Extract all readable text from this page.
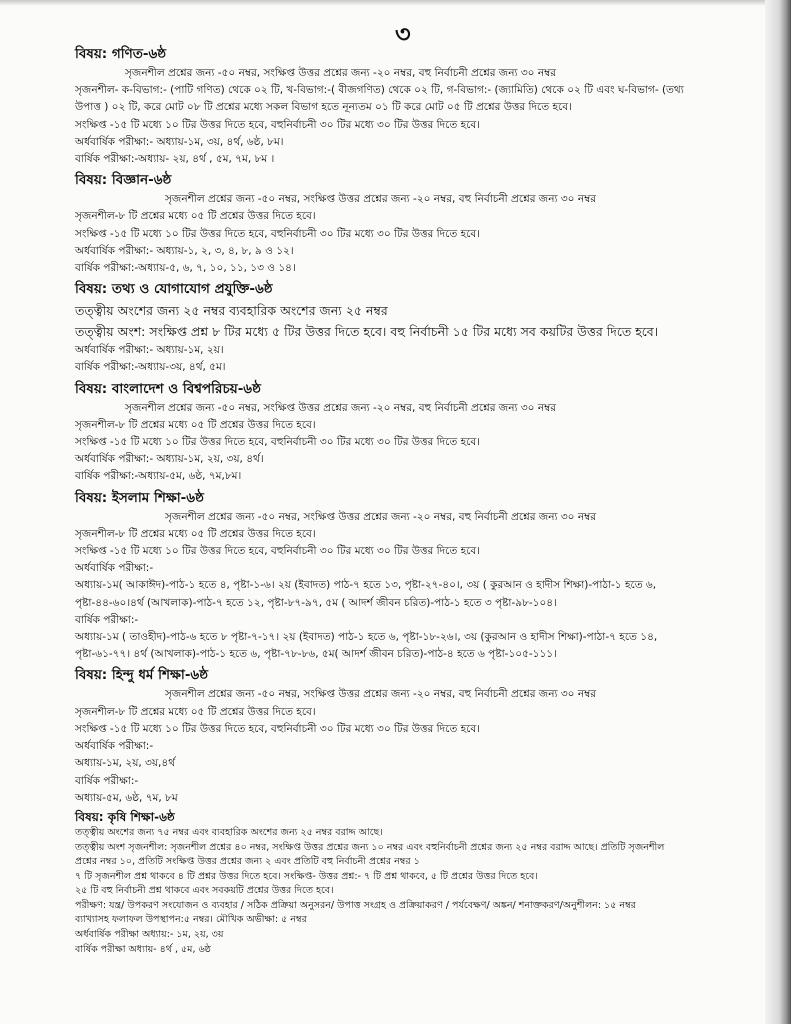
৩
বিষয়: গণিত-৬ষ্ঠ
সৃজনশীল প্রশ্নের জন্য -৫০ নম্বর, সংক্ষিপ্ত উত্তর প্রশ্নের জন্য -২০ নম্বর, বহু নির্বাচনী প্রশ্নের জন্য ৩০ নম্বর
সৃজনশীল- ক-বিভাগ:- (পাটি গণিত) থেকে ০২ টি, খ-বিভাগ:-( বীজগণিত) থেকে ০২ টি, গ-বিভাগ:- (জ্যামিতি) থেকে ০২ টি এবং ঘ-বিভাগ- (তথ্য
উপাত্ত ) ০২ টি, করে মোট ০৮ টি প্রশ্নের মধ্যে সকল বিভাগ হতে নূন্যতম ০১ টি করে মোট ০৫ টি প্রশ্নের উত্তর দিতে হবে।
সংক্ষিপ্ত -১৫ টি মধ্যে ১০ টির উত্তর দিতে হবে, বহুনির্বাচনী ৩০ টির মধ্যে ৩০ টির উত্তর দিতে হবে।
অর্ধবার্ষিক পরীক্ষা:- অধ্যায়-১ম, ৩য়, ৪র্থ, ৬ষ্ঠ, ৮ম।
বার্ষিক পরীক্ষা:-অধ্যায়- ২য়, ৪র্থ , ৫ম, ৭ম, ৮ম ।
বিষয়: বিজ্ঞান-৬ষ্ঠ
সৃজনশীল প্রশ্নের জন্য -৫০ নম্বর, সংক্ষিপ্ত উত্তর প্রশ্নের জন্য -২০ নম্বর, বহু নির্বাচনী প্রশ্নের জন্য ৩০ নম্বর
সৃজনশীল-৮ টি প্রশ্নের মধ্যে ০৫ টি প্রশ্নের উত্তর দিতে হবে।
সংক্ষিপ্ত -১৫ টি মধ্যে ১০ টির উত্তর দিতে হবে, বহুনির্বাচনী ৩০ টির মধ্যে ৩০ টির উত্তর দিতে হবে।
অর্ধবার্ষিক পরীক্ষা:- অধ্যায়-১, ২, ৩, ৪, ৮, ৯ ও ১২।
বার্ষিক পরীক্ষা:-অধ্যায়-৫, ৬, ৭, ১০, ১১, ১৩ ও ১৪।
বিষয়: তথ্য ও যোগাযোগ প্রযুক্তি-৬ষ্ঠ
তত্ত্বীয় অংশের জন্য ২৫ নম্বর ব্যবহারিক অংশের জন্য ২৫ নম্বর
তত্ত্বীয় অংশ: সংক্ষিপ্ত প্রশ্ন ৮ টির মধ্যে ৫ টির উত্তর দিতে হবে। বহু নির্বাচনী ১৫ টির মধ্যে সব কয়টির উত্তর দিতে হবে।
অর্ধবার্ষিক পরীক্ষা:- অধ্যায়-১ম, ২য়।
বার্ষিক পরীক্ষা:-অধ্যায়-৩য়, ৪র্থ, ৫ম।
বিষয়: বাংলাদেশ ও বিশ্বপরিচয়-৬ষ্ঠ
সৃজনশীল প্রশ্নের জন্য -৫০ নম্বর, সংক্ষিপ্ত উত্তর প্রশ্নের জন্য -২০ নম্বর, বহু নির্বাচনী প্রশ্নের জন্য ৩০ নম্বর
সৃজনশীল-৮ টি প্রশ্নের মধ্যে ০৫ টি প্রশ্নের উত্তর দিতে হবে।
সংক্ষিপ্ত -১৫ টি মধ্যে ১০ টির উত্তর দিতে হবে, বহুনির্বাচনী ৩০ টির মধ্যে ৩০ টির উত্তর দিতে হবে।
অর্ধবার্ষিক পরীক্ষা:- অধ্যায়-১ম, ২য়, ৩য়, ৪র্থ।
বার্ষিক পরীক্ষা:-অধ্যায়-৫ম, ৬ষ্ঠ, ৭ম,৮ম।
বিষয়: ইসলাম শিক্ষা-৬ষ্ঠ
সৃজনশীল প্রশ্নের জন্য -৫০ নম্বর, সংক্ষিপ্ত উত্তর প্রশ্নের জন্য -২০ নম্বর, বহু নির্বাচনী প্রশ্নের জন্য ৩০ নম্বর
সৃজনশীল-৮ টি প্রশ্নের মধ্যে ০৫ টি প্রশ্নের উত্তর দিতে হবে।
সংক্ষিপ্ত -১৫ টি মধ্যে ১০ টির উত্তর দিতে হবে, বহুনির্বাচনী ৩০ টির মধ্যে ৩০ টির উত্তর দিতে হবে।
অর্ধবার্ষিক পরীক্ষা:-
অধ্যায়-১ম( আকাঈদ)-পাঠ-১ হতে ৪, পৃষ্টা-১-৬। ২য় (ইবাদত) পাঠ-৭ হতে ১৩, পৃষ্টা-২৭-৪০।, ৩য় ( কুরআন ও হাদীস শিক্ষা)-পাঠা-১ হতে ৬,
পৃষ্টা-৪৪-৬০।৪র্থ (আখলাক)-পাঠ-৭ হতে ১২, পৃষ্টা-৮৭-৯৭, ৫ম ( আদর্শ জীবন চরিত)-পাঠ-১ হতে ৩ পৃষ্টা-৯৮-১০৪।
বার্ষিক পরীক্ষা:-
অধ্যায়-১ম ( তাওহীদ)-পাঠ-৬ হতে ৮ পৃষ্টা-৭-১৭। ২য় (ইবাদত) পাঠ-১ হতে ৬, পৃষ্টা-১৮-২৬।, ৩য় (কুরআন ও হাদীস শিক্ষা)-পাঠা-৭ হতে ১৪,
পৃষ্টা-৬১-৭৭। ৪র্থ (আখলাক)-পাঠ-১ হতে ৬, পৃষ্টা-৭৮-৮৬, ৫ম( আদর্শ জীবন চরিত)-পাঠ-৪ হতে ৬ পৃষ্টা-১০৫-১১১।
বিষয়: হিন্দু ধর্ম শিক্ষা-৬ষ্ঠ
সৃজনশীল প্রশ্নের জন্য -৫০ নম্বর, সংক্ষিপ্ত উত্তর প্রশ্নের জন্য -২০ নম্বর, বহু নির্বাচনী প্রশ্নের জন্য ৩০ নম্বর
সৃজনশীল-৮ টি প্রশ্নের মধ্যে ০৫ টি প্রশ্নের উত্তর দিতে হবে।
সংক্ষিপ্ত -১৫ টি মধ্যে ১০ টির উত্তর দিতে হবে, বহুনির্বাচনী ৩০ টির মধ্যে ৩০ টির উত্তর দিতে হবে।
অর্ধবার্ষিক পরীক্ষা:-
অধ্যায়-১ম, ২য়, ৩য়,৪র্থ
বার্ষিক পরীক্ষা:-
অধ্যায়-৫ম, ৬ষ্ঠ, ৭ম, ৮ম
বিষয়: কৃষি শিক্ষা-৬ষ্ঠ
তত্ত্বীয় অংশের জন্য ৭৫ নম্বর এবং ব্যবহারিক অংশের জন্য ২৫ নম্বর বরাদ্দ আছে।
তত্ত্বীয় অংশ সৃজনশীল: সৃজনশীল প্রশ্নের ৪০ নম্বর, সংক্ষিপ্ত উত্তর প্রশ্নের জন্য ১০ নম্বর এবং বহুনির্বাচনী প্রশ্নের জন্য ২৫ নম্বর বরাদ্দ আছে। প্রতিটি সৃজনশীল
প্রশ্নের নম্বর ১০, প্রতিটি সংক্ষিপ্ত উত্তর প্রশ্নের জন্য ২ এবং প্রতিটি বহু নির্বাচনী প্রশ্নের নম্বর ১
৭ টি সৃজনশীল প্রশ্ন থাকবে ৪ টি প্রশ্নর উত্তর দিতে হবে। সংক্ষিপ্ত- উত্তর প্রশ্ন:- ৭ টি প্রশ্ন থাকবে, ৫ টি প্রশ্নের উত্তর দিতে হবে।
২৫ টি বহু নির্বাচনী প্রশ্ন থাকবে এবং সবকয়টি প্রশ্নের উত্তর দিতে হবে।
পরীক্ষণ: যন্ত্র/ উপকরণ সংযোজন ও ব্যবহার / সঠিক প্রক্রিয়া অনুসরন/ উপাত্ত সংগ্রহ ও প্রক্রিয়াকরণ / পর্যবেক্ষণ/ অঙ্কন/ শনাক্তকরণ/অনুশীলন: ১৫ নম্বর
ব্যাখ্যাসহ ফলাফল উপস্থাপন:৫ নম্বর। মৌখিক অভীক্ষা: ৫ নম্বর
অর্ধবার্ষিক পরীক্ষা অধ্যায়:- ১ম, ২য়, ৩য়
বার্ষিক পরীক্ষা অধ্যায়- ৪র্থ , ৫ম, ৬ষ্ঠ
